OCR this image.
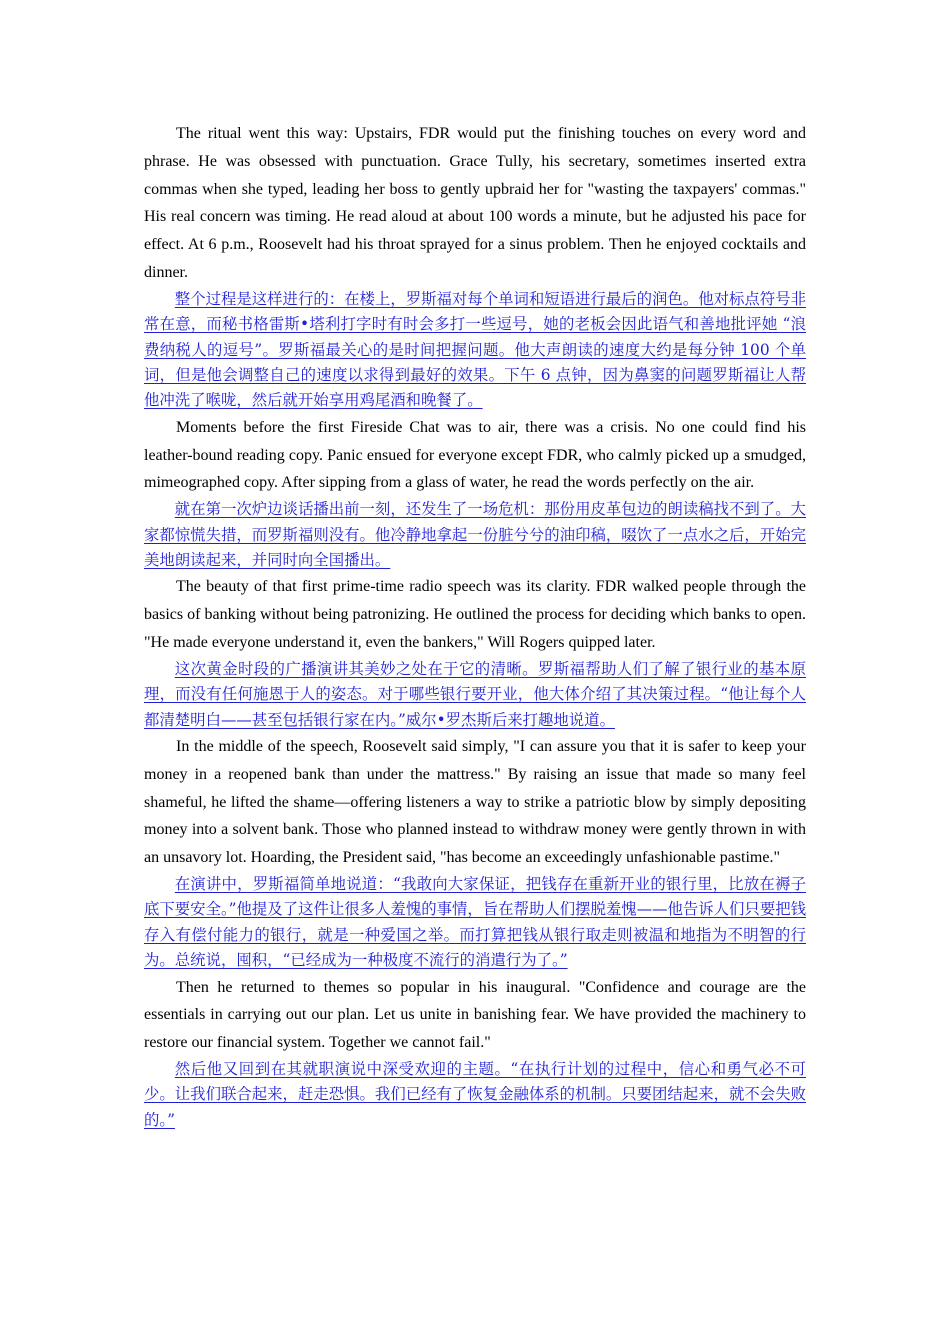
The ritual went this way: Upstairs, FDR would put the finishing touches on every word and phrase. He was obsessed with punctuation. Grace Tully, his secretary, sometimes inserted extra commas when she typed, leading her boss to gently upbraid her for "wasting the taxpayers' commas." His real concern was timing. He read aloud at about 100 words a minute, but he adjusted his pace for effect. At 6 p.m., Roosevelt had his throat sprayed for a sinus problem. Then he enjoyed cocktails and dinner.

整个过程是这样进行的：在楼上，罗斯福对每个单词和短语进行最后的润色。他对标点符号非常在意，而秘书格雷斯•塔利打字时有时会多打一些逗号，她的老板会因此语气和善地批评她 “浪费纳税人的逗号”。罗斯福最关心的是时间把握问题。他大声朗读的速度大约是每分钟 100 个单词，但是他会调整自己的速度以求得到最好的效果。下午 6 点钟，因为鼻窦的问题罗斯福让人帮他冲洗了喉咙，然后就开始享用鸡尾酒和晚餐了。

Moments before the first Fireside Chat was to air, there was a crisis. No one could find his leather-bound reading copy. Panic ensued for everyone except FDR, who calmly picked up a smudged, mimeographed copy. After sipping from a glass of water, he read the words perfectly on the air.

就在第一次炉边谈话播出前一刻，还发生了一场危机：那份用皮革包边的朗读稿找不到了。大家都惊慌失措，而罗斯福则没有。他冷静地拿起一份脏兮兮的油印稿，啜饮了一点水之后，开始完美地朗读起来，并同时向全国播出。

The beauty of that first prime-time radio speech was its clarity. FDR walked people through the basics of banking without being patronizing. He outlined the process for deciding which banks to open. "He made everyone understand it, even the bankers," Will Rogers quipped later.

这次黄金时段的广播演讲其美妙之处在于它的清晰。罗斯福帮助人们了解了银行业的基本原理，而没有任何施恩于人的姿态。对于哪些银行要开业，他大体介绍了其决策过程。“他让每个人都清楚明白——甚至包括银行家在内。”威尔•罗杰斯后来打趣地说道。

In the middle of the speech, Roosevelt said simply, "I can assure you that it is safer to keep your money in a reopened bank than under the mattress." By raising an issue that made so many feel shameful, he lifted the shame—offering listeners a way to strike a patriotic blow by simply depositing money into a solvent bank. Those who planned instead to withdraw money were gently thrown in with an unsavory lot. Hoarding, the President said, "has become an exceedingly unfashionable pastime."

在演讲中，罗斯福简单地说道：“我敢向大家保证，把钱存在重新开业的银行里，比放在褥子底下要安全。”他提及了这件让很多人羞愧的事情，旨在帮助人们摆脱羞愧——他告诉人们只要把钱存入有偿付能力的银行，就是一种爱国之举。而打算把钱从银行取走则被温和地指为不明智的行为。总统说，囤积，“已经成为一种极度不流行的消遣行为了。”

Then he returned to themes so popular in his inaugural. "Confidence and courage are the essentials in carrying out our plan. Let us unite in banishing fear. We have provided the machinery to restore our financial system. Together we cannot fail."

然后他又回到在其就职演说中深受欢迎的主题。“在执行计划的过程中，信心和勇气必不可少。让我们联合起来，赶走恐惧。我们已经有了恢复金融体系的机制。只要团结起来，就不会失败的。”
